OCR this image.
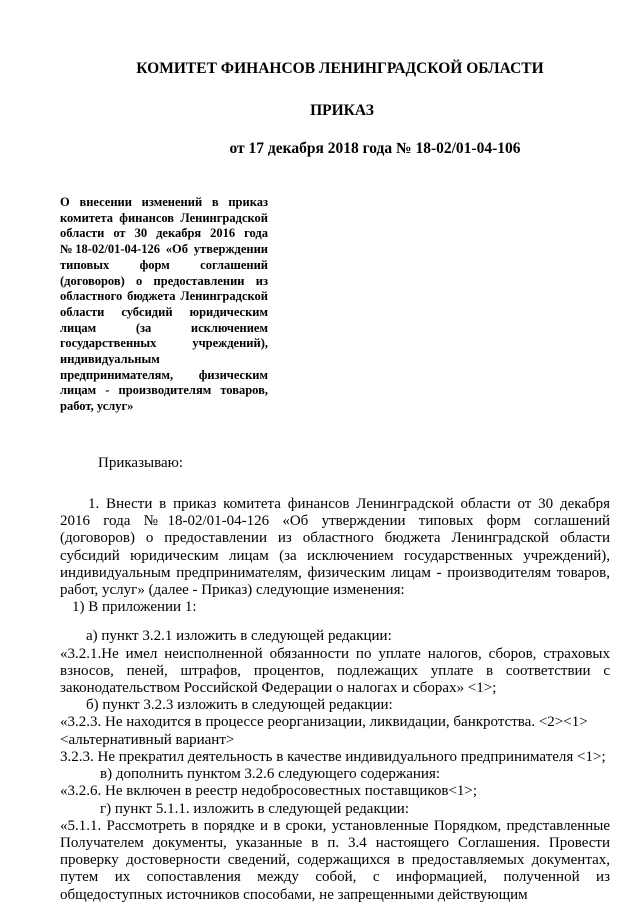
КОМИТЕТ ФИНАНСОВ ЛЕНИНГРАДСКОЙ ОБЛАСТИ
ПРИКАЗ
от 17 декабря 2018 года № 18-02/01-04-106
О внесении изменений в приказ комитета финансов Ленинградской области от 30 декабря 2016 года №18-02/01-04-126 «Об утверждении типовых форм соглашений (договоров) о предоставлении из областного бюджета Ленинградской области субсидий юридическим лицам (за исключением государственных учреждений), индивидуальным предпринимателям, физическим лицам - производителям товаров, работ, услуг»
Приказываю:
1. Внести в приказ комитета финансов Ленинградской области от 30 декабря 2016 года №18-02/01-04-126 «Об утверждении типовых форм соглашений (договоров) о предоставлении из областного бюджета Ленинградской области субсидий юридическим лицам (за исключением государственных учреждений), индивидуальным предпринимателям, физическим лицам - производителям товаров, работ, услуг» (далее - Приказ) следующие изменения:
1) В приложении 1:
а) пункт 3.2.1 изложить в следующей редакции:
«3.2.1.Не имел неисполненной обязанности по уплате налогов, сборов, страховых взносов, пеней, штрафов, процентов, подлежащих уплате в соответствии с законодательством Российской Федерации о налогах и сборах» <1>;
б) пункт 3.2.3 изложить в следующей редакции:
«3.2.3. Не находится в процессе реорганизации, ликвидации, банкротства. <2><1>
<альтернативный вариант>
3.2.3. Не прекратил деятельность в качестве индивидуального предпринимателя <1>;
в) дополнить пунктом 3.2.6 следующего содержания:
«3.2.6. Не включен в реестр недобросовестных поставщиков<1>;
г) пункт 5.1.1. изложить в следующей редакции:
«5.1.1. Рассмотреть в порядке и в сроки, установленные Порядком, представленные Получателем документы, указанные в п. 3.4 настоящего Соглашения. Провести проверку достоверности сведений, содержащихся в предоставляемых документах, путем их сопоставления между собой, с информацией, полученной из общедоступных источников способами, не запрещенными действующим
